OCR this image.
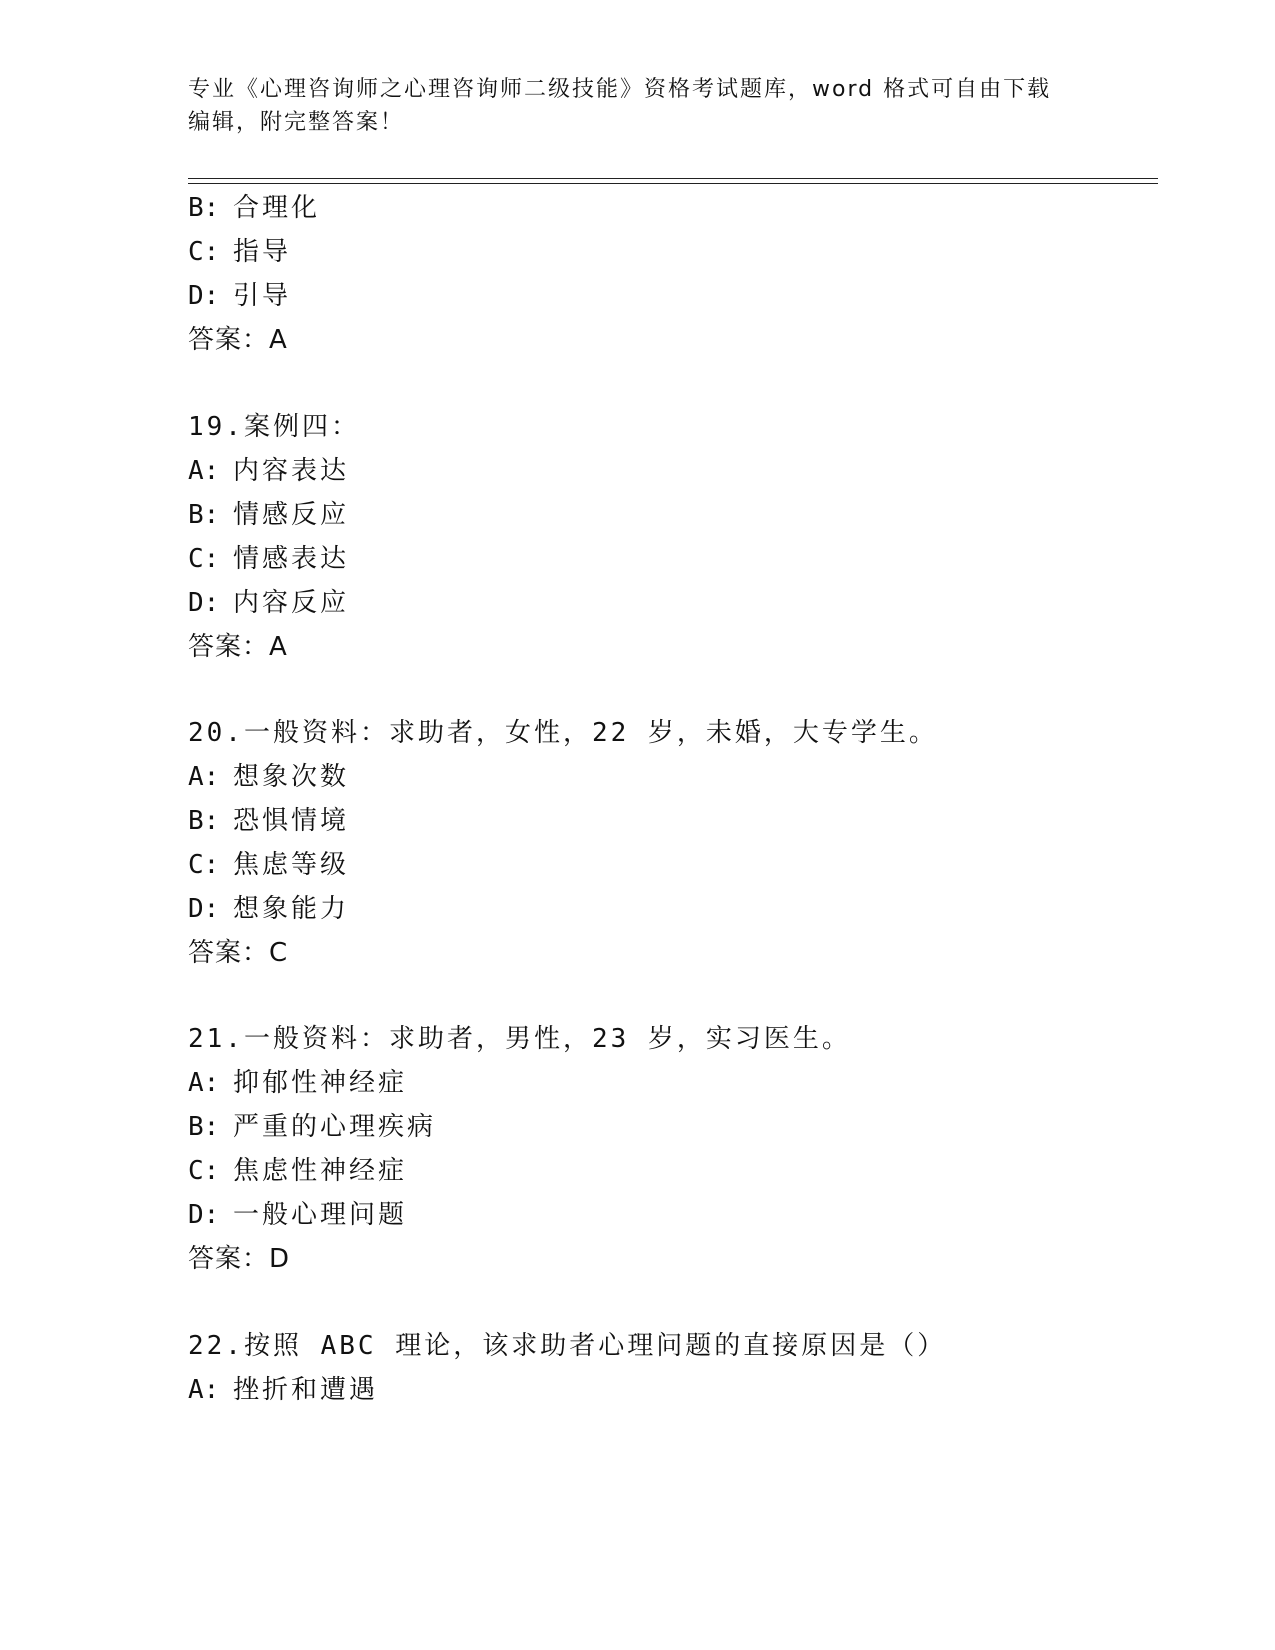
专业《心理咨询师之心理咨询师二级技能》资格考试题库，word 格式可自由下载
编辑，附完整答案！
B: 合理化
C: 指导
D: 引导
答案：A
19.案例四：
A: 内容表达
B: 情感反应
C: 情感表达
D: 内容反应
答案：A
20.一般资料：求助者，女性，22 岁，未婚，大专学生。
A: 想象次数
B: 恐惧情境
C: 焦虑等级
D: 想象能力
答案：C
21.一般资料：求助者，男性，23 岁，实习医生。
A: 抑郁性神经症
B: 严重的心理疾病
C: 焦虑性神经症
D: 一般心理问题
答案：D
22.按照 ABC 理论，该求助者心理问题的直接原因是（）
A: 挫折和遭遇
